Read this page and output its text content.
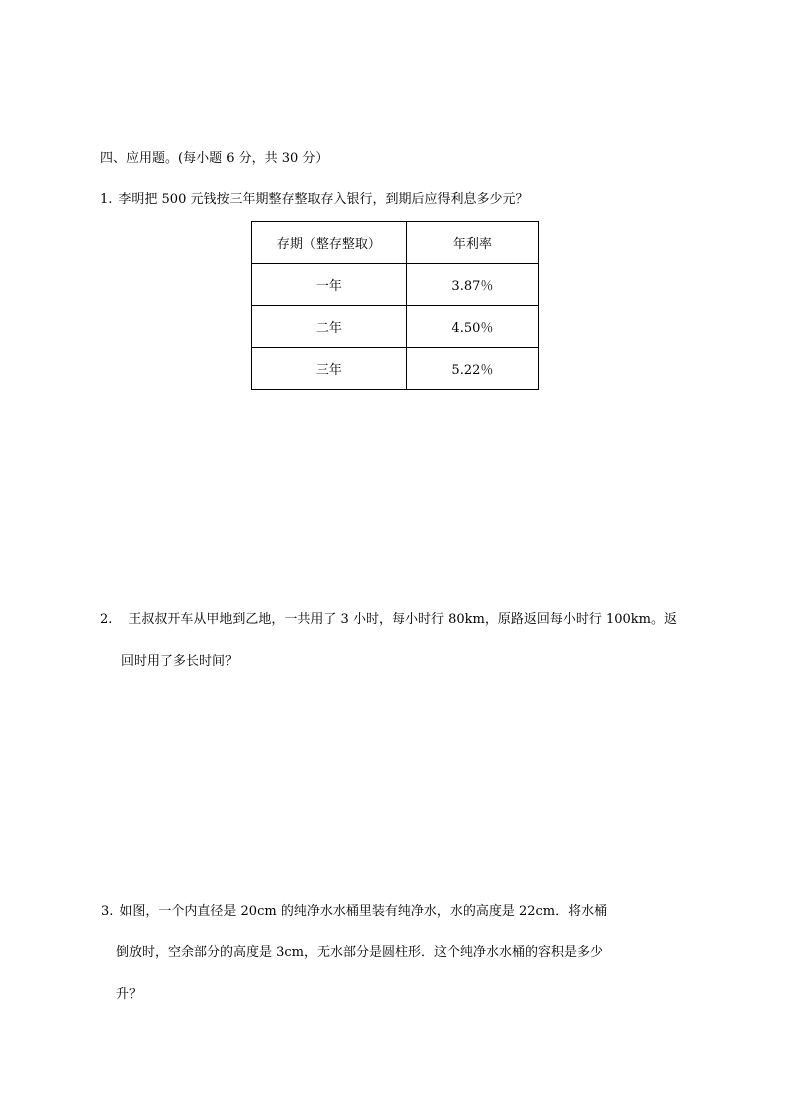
四、应用题。(每小题 6 分，共 30 分）
1. 李明把 500 元钱按三年期整存整取存入银行，到期后应得利息多少元？
存期（整存整取）	年利率
一年	3.87％
二年	4.50％
三年	5.22％
2. 王叔叔开车从甲地到乙地，一共用了 3 小时，每小时行 80km，原路返回每小时行 100km。返
回时用了多长时间？
3. 如图，一个内直径是 20cm 的纯净水水桶里装有纯净水，水的高度是 22cm．将水桶
倒放时，空余部分的高度是 3cm，无水部分是圆柱形．这个纯净水水桶的容积是多少
升？
